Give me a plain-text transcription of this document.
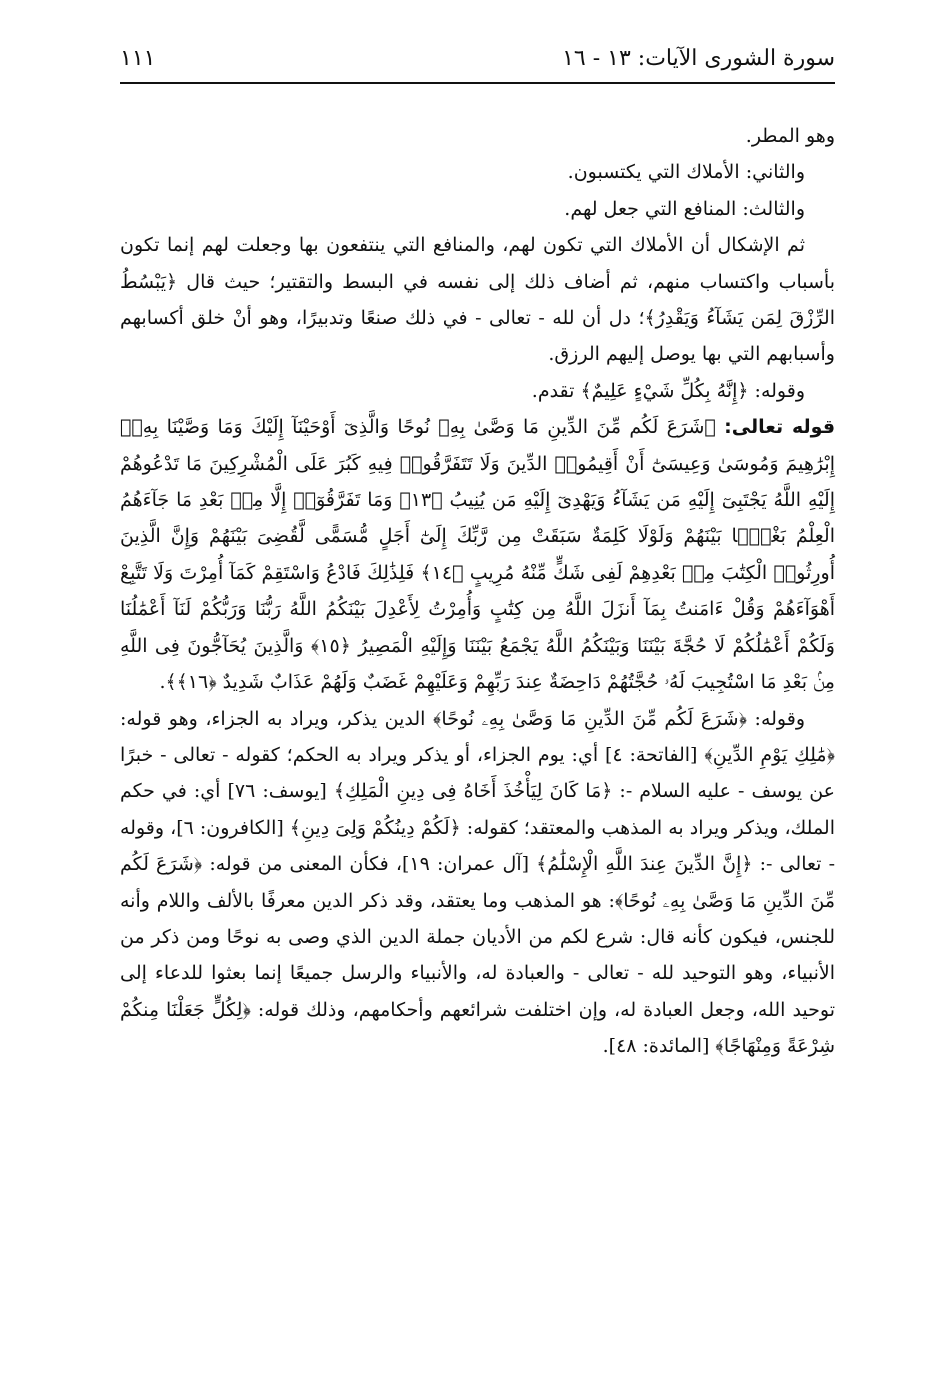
سورة الشورى الآيات: ١٣ - ١٦
١١١

وهو المطر.

والثاني: الأملاك التي يكتسبون.

والثالث: المنافع التي جعل لهم.

ثم الإشكال أن الأملاك التي تكون لهم، والمنافع التي ينتفعون بها وجعلت لهم إنما تكون بأسباب واكتساب منهم، ثم أضاف ذلك إلى نفسه في البسط والتقتير؛ حيث قال ﴿يَبْسُطُ الرِّزْقَ لِمَن يَشَآءُ وَيَقْدِرُ﴾؛ دل أن لله - تعالى - في ذلك صنعًا وتدبيرًا، وهو أنْ خلق أكسابهم وأسبابهم التي بها يوصل إليهم الرزق.

وقوله: ﴿إِنَّهُ بِكُلِّ شَيْءٍ عَلِيمٌ﴾ تقدم.

قوله تعالى: ﴿شَرَعَ لَكُم مِّنَ الدِّينِ مَا وَصَّىٰ بِهِۦ نُوحًا وَالَّذِىٓ أَوْحَيْنَآ إِلَيْكَ وَمَا وَصَّيْنَا بِهِۦٓ إِبْرَٰهِيمَ وَمُوسَىٰ وَعِيسَىٰٓ أَنْ أَقِيمُوا۟ الدِّينَ وَلَا تَتَفَرَّقُوا۟ فِيهِ كَبُرَ عَلَى الْمُشْرِكِينَ مَا تَدْعُوهُمْ إِلَيْهِ اللَّهُ يَجْتَبِىٓ إِلَيْهِ مَن يَشَآءُ وَيَهْدِىٓ إِلَيْهِ مَن يُنِيبُ ﴿١٣﴾ وَمَا تَفَرَّقُوٓا۟ إِلَّا مِنۢ بَعْدِ مَا جَآءَهُمُ الْعِلْمُ بَغْيًۢا بَيْنَهُمْ وَلَوْلَا كَلِمَةٌ سَبَقَتْ مِن رَّبِّكَ إِلَىٰٓ أَجَلٍ مُّسَمًّى لَّقُضِىَ بَيْنَهُمْ وَإِنَّ الَّذِينَ أُورِثُوا۟ الْكِتَٰبَ مِنۢ بَعْدِهِمْ لَفِى شَكٍّ مِّنْهُ مُرِيبٍ ﴿١٤﴾ فَلِذَٰلِكَ فَادْعُ وَاسْتَقِمْ كَمَآ أُمِرْتَ وَلَا تَتَّبِعْ أَهْوَآءَهُمْ وَقُلْ ءَامَنتُ بِمَآ أَنزَلَ اللَّهُ مِن كِتَٰبٍ وَأُمِرْتُ لِأَعْدِلَ بَيْنَكُمُ اللَّهُ رَبُّنَا وَرَبُّكُمْ لَنَآ أَعْمَٰلُنَا وَلَكُمْ أَعْمَٰلُكُمْ لَا حُجَّةَ بَيْنَنَا وَبَيْنَكُمُ اللَّهُ يَجْمَعُ بَيْنَنَا وَإِلَيْهِ الْمَصِيرُ ﴿١٥﴾ وَالَّذِينَ يُحَآجُّونَ فِى اللَّهِ مِنۢ بَعْدِ مَا اسْتُجِيبَ لَهُۥ حُجَّتُهُمْ دَاحِضَةٌ عِندَ رَبِّهِمْ وَعَلَيْهِمْ غَضَبٌ وَلَهُمْ عَذَابٌ شَدِيدٌ ﴿١٦﴾﴾.

وقوله: ﴿شَرَعَ لَكُم مِّنَ الدِّينِ مَا وَصَّىٰ بِهِۦ نُوحًا﴾ الدين يذكر، ويراد به الجزاء، وهو قوله: ﴿مَٰلِكِ يَوْمِ الدِّينِ﴾ [الفاتحة: ٤] أي: يوم الجزاء، أو يذكر ويراد به الحكم؛ كقوله - تعالى - خبرًا عن يوسف - عليه السلام -: ﴿مَا كَانَ لِيَأْخُذَ أَخَاهُ فِى دِينِ الْمَلِكِ﴾ [يوسف: ٧٦] أي: في حكم الملك، ويذكر ويراد به المذهب والمعتقد؛ كقوله: ﴿لَكُمْ دِينُكُمْ وَلِىَ دِينِ﴾ [الكافرون: ٦]، وقوله - تعالى -: ﴿إِنَّ الدِّينَ عِندَ اللَّهِ الْإِسْلَٰمُ﴾ [آل عمران: ١٩]، فكأن المعنى من قوله: ﴿شَرَعَ لَكُم مِّنَ الدِّينِ مَا وَصَّىٰ بِهِۦ نُوحًا﴾: هو المذهب وما يعتقد، وقد ذكر الدين معرفًا بالألف واللام وأنه للجنس، فيكون كأنه قال: شرع لكم من الأديان جملة الدين الذي وصى به نوحًا ومن ذكر من الأنبياء، وهو التوحيد لله - تعالى - والعبادة له، والأنبياء والرسل جميعًا إنما بعثوا للدعاء إلى توحيد الله، وجعل العبادة له، وإن اختلفت شرائعهم وأحكامهم، وذلك قوله: ﴿لِكُلٍّ جَعَلْنَا مِنكُمْ شِرْعَةً وَمِنْهَاجًا﴾ [المائدة: ٤٨].
